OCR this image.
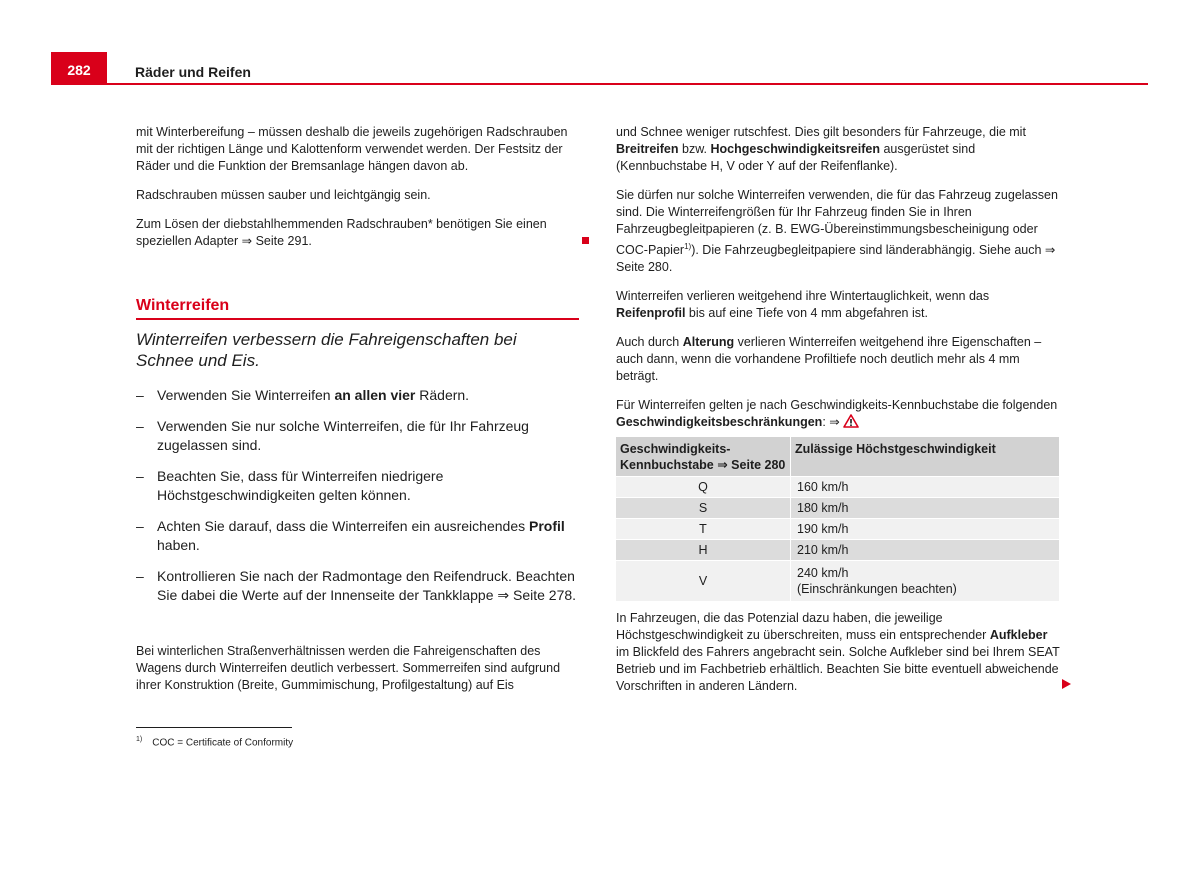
282	Räder und Reifen

mit Winterbereifung – müssen deshalb die jeweils zugehörigen Radschrauben mit der richtigen Länge und Kalottenform verwendet werden. Der Festsitz der Räder und die Funktion der Bremsanlage hängen davon ab.

Radschrauben müssen sauber und leichtgängig sein.

Zum Lösen der diebstahlhemmenden Radschrauben* benötigen Sie einen speziellen Adapter ⇒ Seite 291.

Winterreifen
Winterreifen verbessern die Fahreigenschaften bei Schnee und Eis.
– Verwenden Sie Winterreifen an allen vier Rädern.
– Verwenden Sie nur solche Winterreifen, die für Ihr Fahrzeug zugelassen sind.
– Beachten Sie, dass für Winterreifen niedrigere Höchstgeschwindigkeiten gelten können.
– Achten Sie darauf, dass die Winterreifen ein ausreichendes Profil haben.
– Kontrollieren Sie nach der Radmontage den Reifendruck. Beachten Sie dabei die Werte auf der Innenseite der Tankklappe ⇒ Seite 278.
Bei winterlichen Straßenverhältnissen werden die Fahreigenschaften des Wagens durch Winterreifen deutlich verbessert. Sommerreifen sind aufgrund ihrer Konstruktion (Breite, Gummimischung, Profilgestaltung) auf Eis
$^{1)}$ COC = Certificate of Conformity

und Schnee weniger rutschfest. Dies gilt besonders für Fahrzeuge, die mit Breitreifen bzw. Hochgeschwindigkeitsreifen ausgerüstet sind (Kennbuchstabe H, V oder Y auf der Reifenflanke).

Sie dürfen nur solche Winterreifen verwenden, die für das Fahrzeug zugelassen sind. Die Winterreifengrößen für Ihr Fahrzeug finden Sie in Ihren Fahrzeugbegleitpapieren (z. B. EWG-Übereinstimmungsbescheinigung oder COC-Papier$^{1)}$). Die Fahrzeugbegleitpapiere sind länderabhängig. Siehe auch ⇒ Seite 280.

Winterreifen verlieren weitgehend ihre Wintertauglichkeit, wenn das Reifenprofil bis auf eine Tiefe von 4 mm abgefahren ist.

Auch durch Alterung verlieren Winterreifen weitgehend ihre Eigenschaften – auch dann, wenn die vorhandene Profiltiefe noch deutlich mehr als 4 mm beträgt.

Für Winterreifen gelten je nach Geschwindigkeits-Kennbuchstabe die folgenden Geschwindigkeitsbeschränkungen: ⇒

Geschwindigkeits-Kennbuchstabe ⇒ Seite 280	Zulässige Höchstgeschwindigkeit
Q	160 km/h
S	180 km/h
T	190 km/h
H	210 km/h
V	240 km/h
(Einschränkungen beachten)
In Fahrzeugen, die das Potenzial dazu haben, die jeweilige Höchstgeschwindigkeit zu überschreiten, muss ein entsprechender Aufkleber im Blickfeld des Fahrers angebracht sein. Solche Aufkleber sind bei Ihrem SEAT Betrieb und im Fachbetrieb erhältlich. Beachten Sie bitte eventuell abweichende Vorschriften in anderen Ländern.
